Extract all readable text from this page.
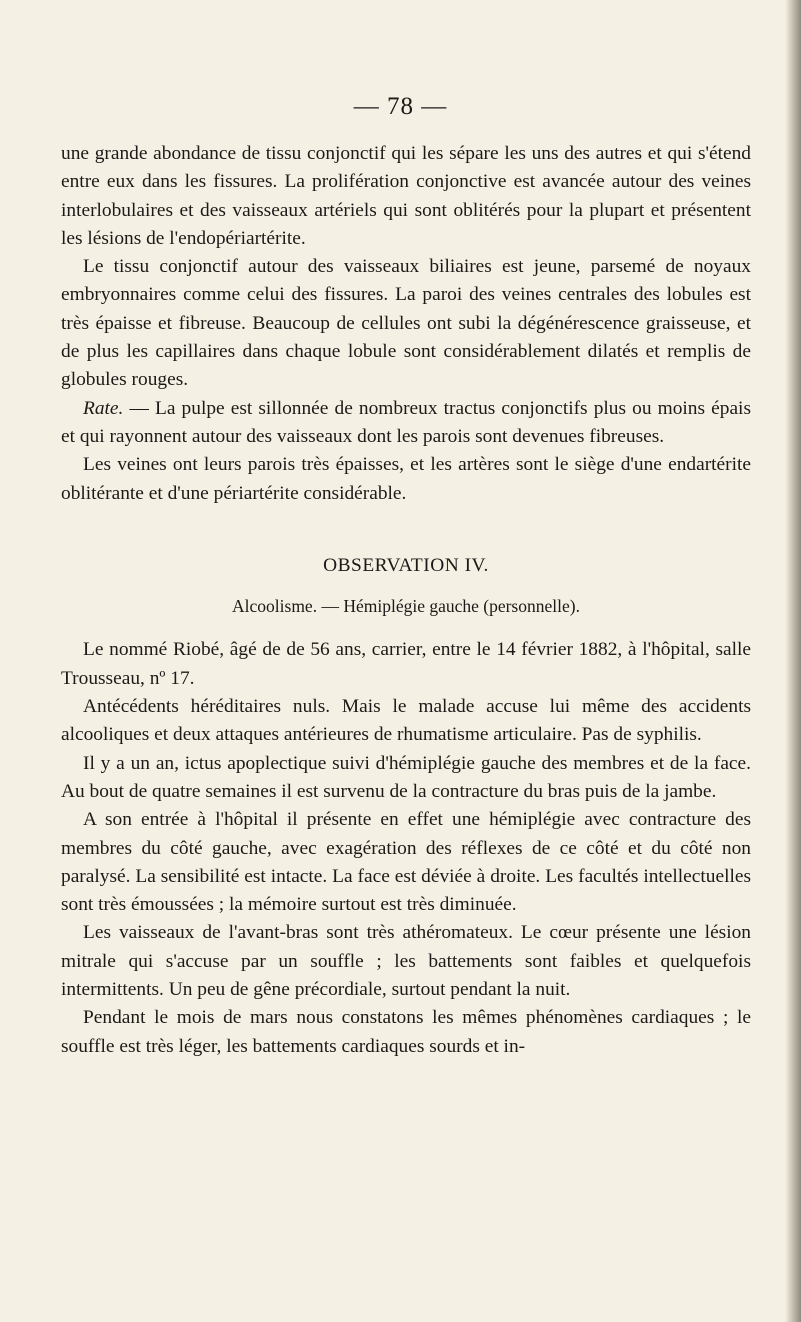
— 78 —

une grande abondance de tissu conjonctif qui les sépare les uns des autres et qui s'étend entre eux dans les fissures. La prolifération conjonctive est avancée autour des veines interlobulaires et des vaisseaux artériels qui sont oblitérés pour la plupart et présentent les lésions de l'endopériartérite.

Le tissu conjonctif autour des vaisseaux biliaires est jeune, parsemé de noyaux embryonnaires comme celui des fissures. La paroi des veines centrales des lobules est très épaisse et fibreuse. Beaucoup de cellules ont subi la dégénérescence graisseuse, et de plus les capillaires dans chaque lobule sont considérablement dilatés et remplis de globules rouges.

Rate. — La pulpe est sillonnée de nombreux tractus conjonctifs plus ou moins épais et qui rayonnent autour des vaisseaux dont les parois sont devenues fibreuses.

Les veines ont leurs parois très épaisses, et les artères sont le siège d'une endartérite oblitérante et d'une périartérite considérable.

OBSERVATION IV.

Alcoolisme. — Hémiplégie gauche (personnelle).

Le nommé Riobé, âgé de de 56 ans, carrier, entre le 14 février 1882, à l'hôpital, salle Trousseau, nº 17.

Antécédents héréditaires nuls. Mais le malade accuse lui même des accidents alcooliques et deux attaques antérieures de rhumatisme articulaire. Pas de syphilis.

Il y a un an, ictus apoplectique suivi d'hémiplégie gauche des membres et de la face. Au bout de quatre semaines il est survenu de la contracture du bras puis de la jambe.

A son entrée à l'hôpital il présente en effet une hémiplégie avec contracture des membres du côté gauche, avec exagération des réflexes de ce côté et du côté non paralysé. La sensibilité est intacte. La face est déviée à droite. Les facultés intellectuelles sont très émoussées ; la mémoire surtout est très diminuée.

Les vaisseaux de l'avant-bras sont très athéromateux. Le cœur présente une lésion mitrale qui s'accuse par un souffle ; les battements sont faibles et quelquefois intermittents. Un peu de gêne précordiale, surtout pendant la nuit.

Pendant le mois de mars nous constatons les mêmes phénomènes cardiaques ; le souffle est très léger, les battements cardiaques sourds et in-
